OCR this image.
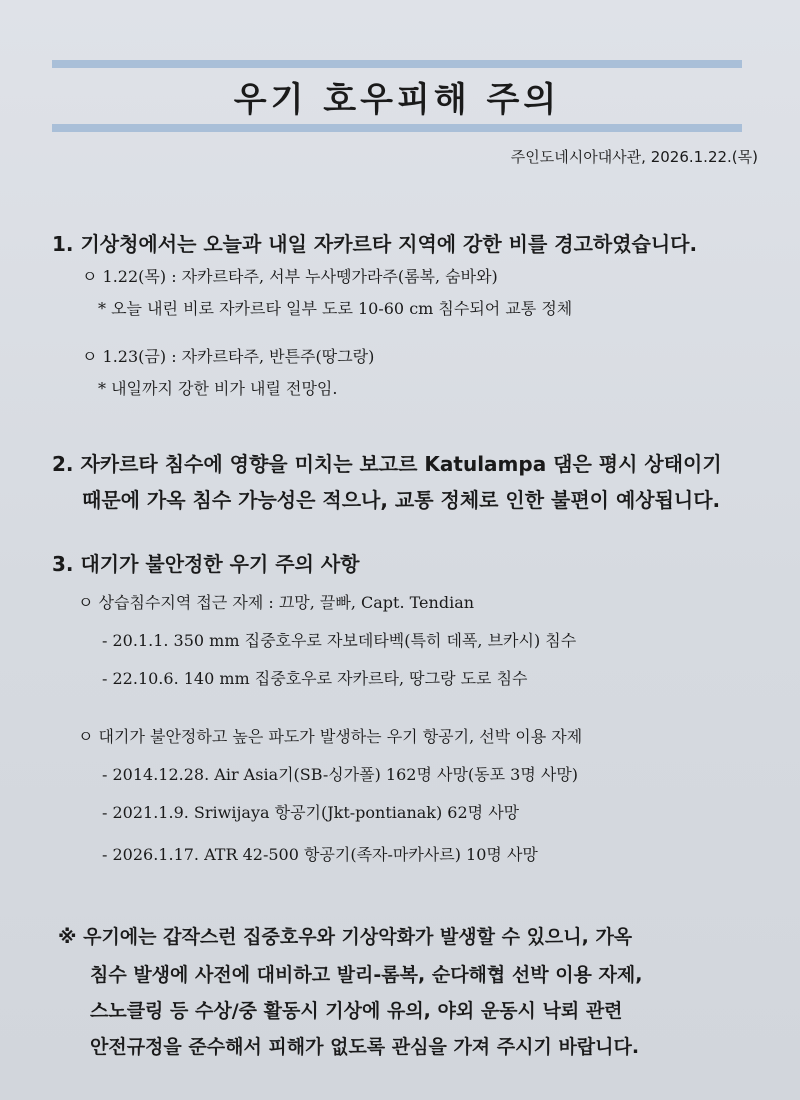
우기 호우피해 주의
주인도네시아대사관, 2026.1.22.(목)
1. 기상청에서는 오늘과 내일 자카르타 지역에 강한 비를 경고하였습니다.
ㅇ 1.22(목) : 자카르타주, 서부 누사뗑가라주(롬복, 숨바와)
* 오늘 내린 비로 자카르타 일부 도로 10-60 cm 침수되어 교통 정체
ㅇ 1.23(금) : 자카르타주, 반튼주(땅그랑)
* 내일까지 강한 비가 내릴 전망임.
2. 자카르타 침수에 영향을 미치는 보고르 Katulampa 댐은 평시 상태이기
때문에 가옥 침수 가능성은 적으나, 교통 정체로 인한 불편이 예상됩니다.
3. 대기가 불안정한 우기 주의 사항
ㅇ 상습침수지역 접근 자제 : 끄망, 끌빠, Capt. Tendian
- 20.1.1. 350 mm 집중호우로 자보데타벡(특히 데폭, 브카시) 침수
- 22.10.6. 140 mm 집중호우로 자카르타, 땅그랑 도로 침수
ㅇ 대기가 불안정하고 높은 파도가 발생하는 우기 항공기, 선박 이용 자제
- 2014.12.28. Air Asia기(SB-싱가폴) 162명 사망(동포 3명 사망)
- 2021.1.9. Sriwijaya 항공기(Jkt-pontianak) 62명 사망
- 2026.1.17. ATR 42-500 항공기(족자-마카사르) 10명 사망
※ 우기에는 갑작스런 집중호우와 기상악화가 발생할 수 있으니, 가옥
침수 발생에 사전에 대비하고 발리-롬복, 순다해협 선박 이용 자제,
스노클링 등 수상/중 활동시 기상에 유의, 야외 운동시 낙뢰 관련
안전규정을 준수해서 피해가 없도록 관심을 가져 주시기 바랍니다.
